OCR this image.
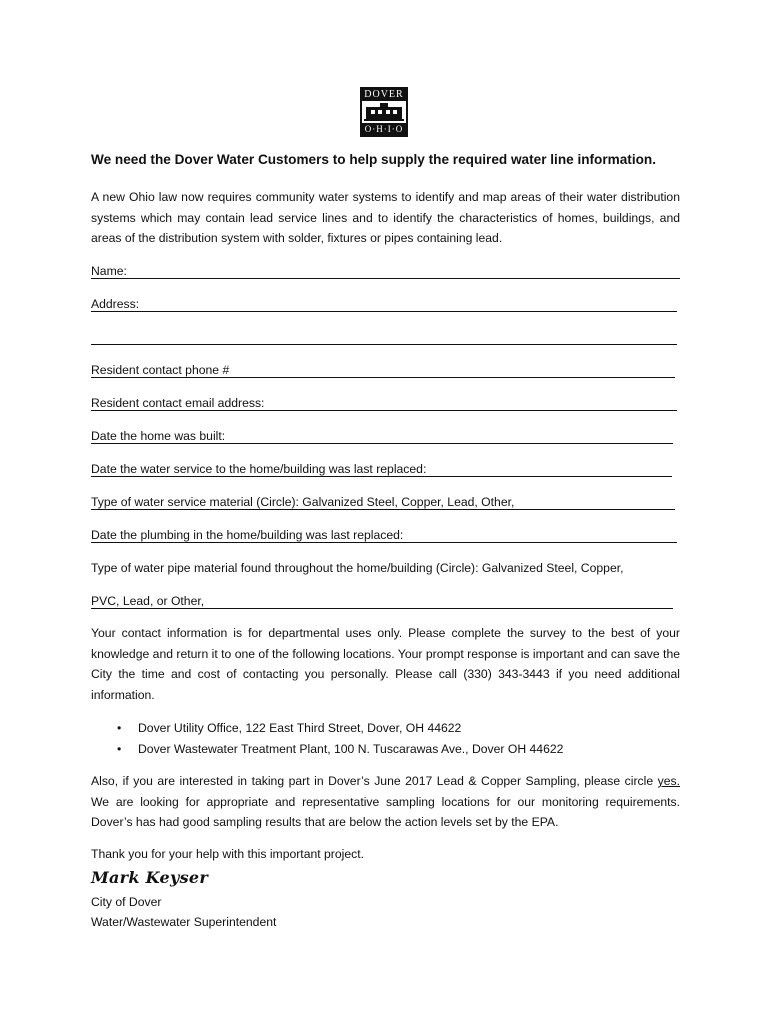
DOVER
O·H·I·O
We need the Dover Water Customers to help supply the required water line information.
A new Ohio law now requires community water systems to identify and map areas of their water distribution systems which may contain lead service lines and to identify the characteristics of homes, buildings, and areas of the distribution system with solder, fixtures or pipes containing lead.
Name:
Address:
Resident contact phone #
Resident contact email address:
Date the home was built:
Date the water service to the home/building was last replaced:
Type of water service material (Circle): Galvanized Steel, Copper, Lead, Other,
Date the plumbing in the home/building was last replaced:
Type of water pipe material found throughout the home/building (Circle): Galvanized Steel, Copper,
PVC, Lead, or Other,
Your contact information is for departmental uses only. Please complete the survey to the best of your knowledge and return it to one of the following locations. Your prompt response is important and can save the City the time and cost of contacting you personally. Please call (330) 343-3443 if you need additional information.
• Dover Utility Office, 122 East Third Street, Dover, OH 44622
• Dover Wastewater Treatment Plant, 100 N. Tuscarawas Ave., Dover OH 44622
Also, if you are interested in taking part in Dover’s June 2017 Lead & Copper Sampling, please circle yes. We are looking for appropriate and representative sampling locations for our monitoring requirements. Dover’s has had good sampling results that are below the action levels set by the EPA.
Thank you for your help with this important project.
Mark Keyser
City of Dover
Water/Wastewater Superintendent
